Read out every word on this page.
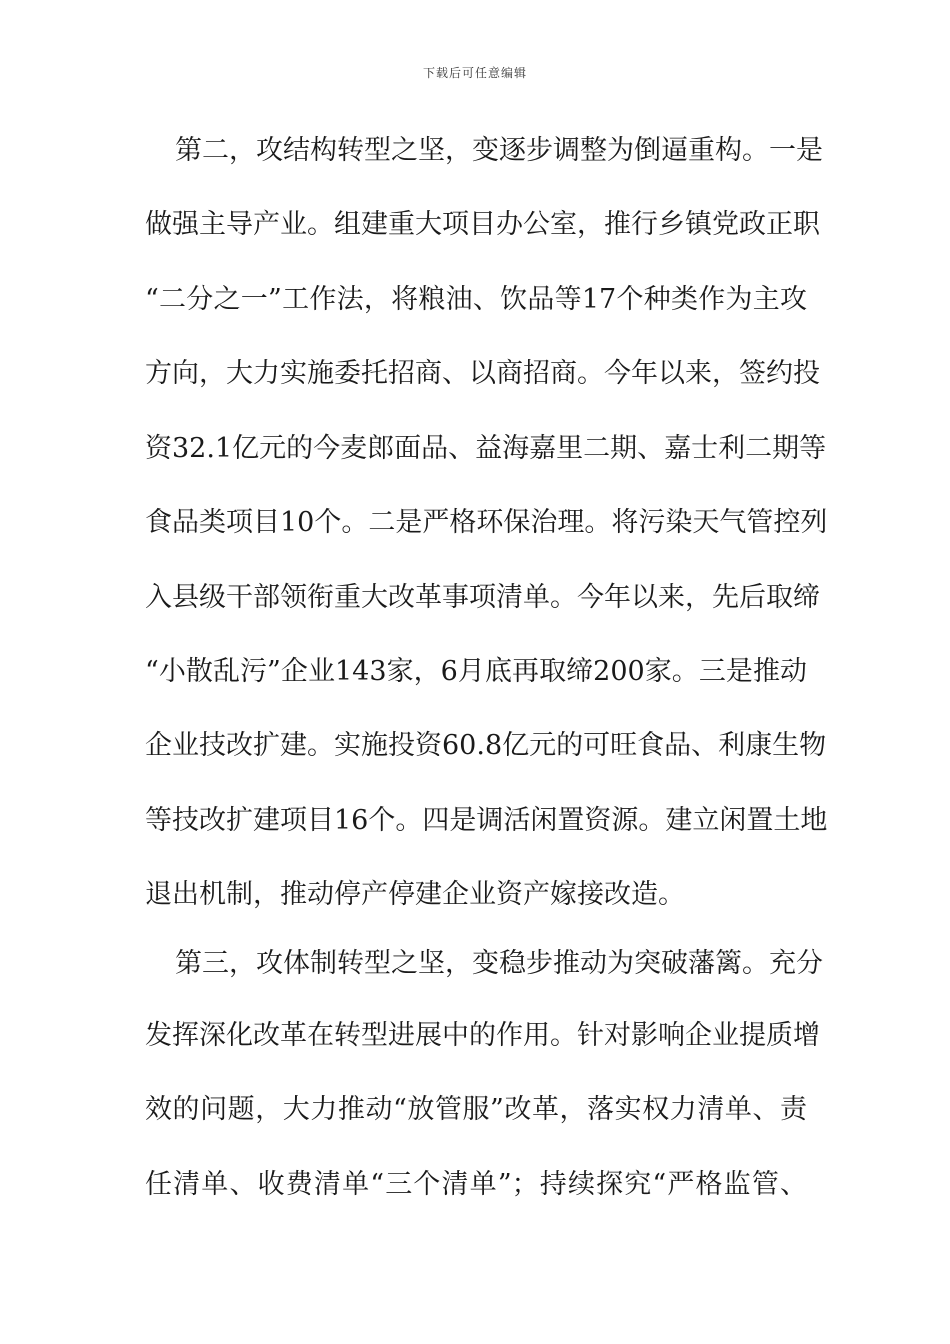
下载后可任意编辑
第二，攻结构转型之坚，变逐步调整为倒逼重构。一是
做强主导产业。组建重大项目办公室，推行乡镇党政正职
“二分之一”工作法，将粮油、饮品等17个种类作为主攻
方向，大力实施委托招商、以商招商。今年以来，签约投
资32.1亿元的今麦郎面品、益海嘉里二期、嘉士利二期等
食品类项目10个。二是严格环保治理。将污染天气管控列
入县级干部领衔重大改革事项清单。今年以来，先后取缔
“小散乱污”企业143家，6月底再取缔200家。三是推动
企业技改扩建。实施投资60.8亿元的可旺食品、利康生物
等技改扩建项目16个。四是调活闲置资源。建立闲置土地
退出机制，推动停产停建企业资产嫁接改造。
第三，攻体制转型之坚，变稳步推动为突破藩篱。充分
发挥深化改革在转型进展中的作用。针对影响企业提质增
效的问题，大力推动“放管服”改革，落实权力清单、责
任清单、收费清单“三个清单”；持续探究“严格监管、
